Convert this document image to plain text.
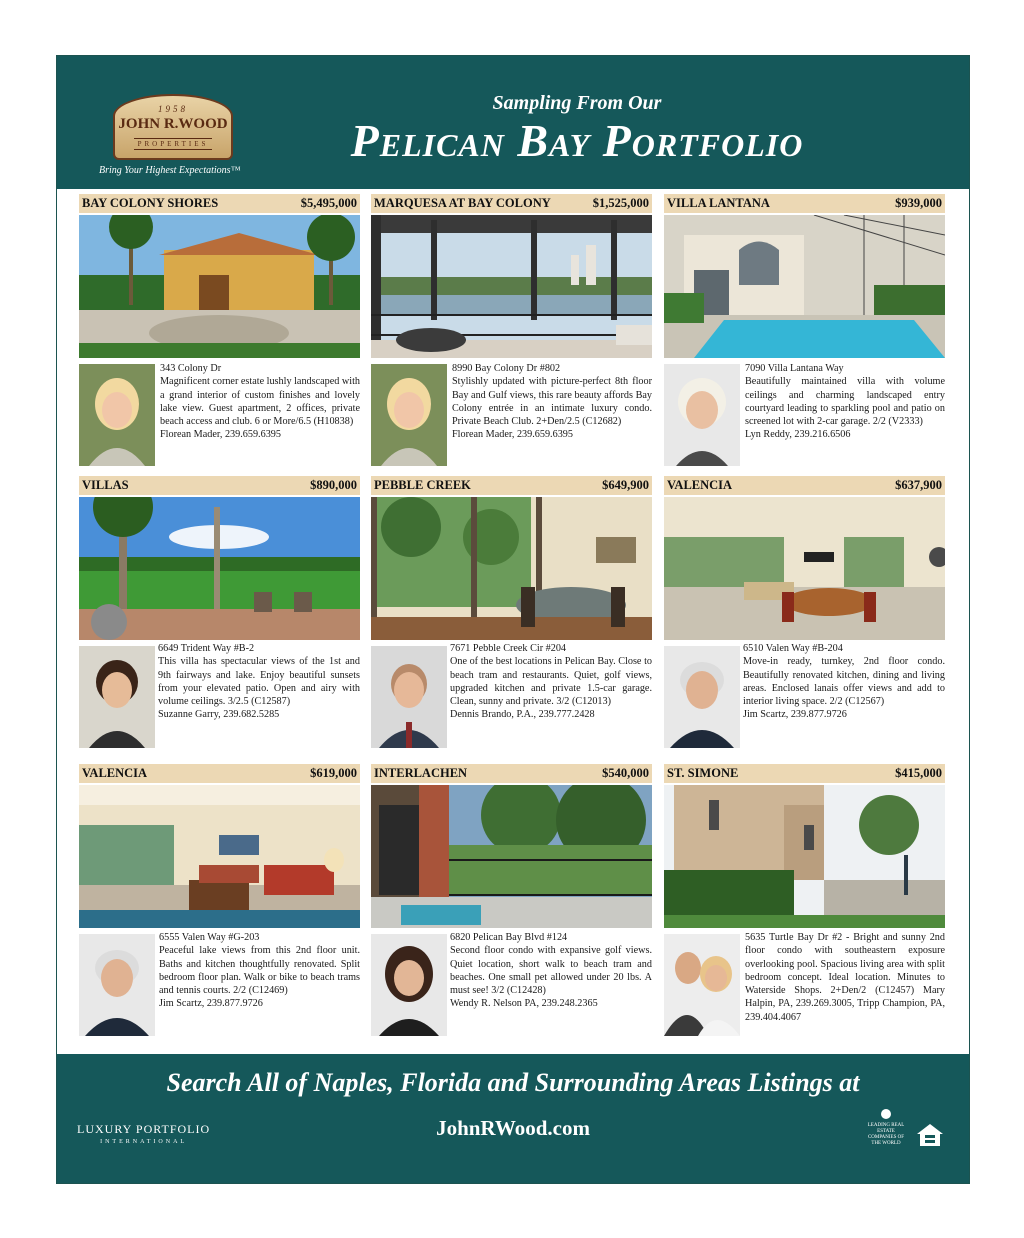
1958
JOHN R.WOOD
PROPERTIES
Bring Your Highest Expectations™
Sampling From Our
Pelican Bay Portfolio
BAY COLONY SHORES	$5,495,000
343 Colony Dr
Magnificent corner estate lushly landscaped with a grand interior of custom finishes and lovely lake view. Guest apartment, 2 offices, private beach access and club. 6 or More/6.5 (H10838)
Florean Mader, 239.659.6395
MARQUESA AT BAY COLONY	$1,525,000
8990 Bay Colony Dr #802
Stylishly updated with picture-perfect 8th floor Bay and Gulf views, this rare beauty affords Bay Colony entrée in an intimate luxury condo. Private Beach Club. 2+Den/2.5 (C12682)
Florean Mader, 239.659.6395
VILLA LANTANA	$939,000
7090 Villa Lantana Way
Beautifully maintained villa with volume ceilings and charming landscaped entry courtyard leading to sparkling pool and patio on screened lot with 2-car garage. 2/2 (V2333)
Lyn Reddy, 239.216.6506
VILLAS	$890,000
6649 Trident Way #B-2
This villa has spectacular views of the 1st and 9th fairways and lake. Enjoy beautiful sunsets from your elevated patio. Open and airy with volume ceilings. 3/2.5 (C12587)
Suzanne Garry, 239.682.5285
PEBBLE CREEK	$649,900
7671 Pebble Creek Cir #204
One of the best locations in Pelican Bay. Close to beach tram and restaurants. Quiet, golf views, upgraded kitchen and private 1.5-car garage. Clean, sunny and private. 3/2 (C12013)
Dennis Brando, P.A., 239.777.2428
VALENCIA	$637,900
6510 Valen Way #B-204
Move-in ready, turnkey, 2nd floor condo. Beautifully renovated kitchen, dining and living areas. Enclosed lanais offer views and add to interior living space. 2/2 (C12567)
Jim Scartz, 239.877.9726
VALENCIA	$619,000
6555 Valen Way #G-203
Peaceful lake views from this 2nd floor unit. Baths and kitchen thoughtfully renovated. Split bedroom floor plan. Walk or bike to beach trams and tennis courts. 2/2 (C12469)
Jim Scartz, 239.877.9726
INTERLACHEN	$540,000
6820 Pelican Bay Blvd #124
Second floor condo with expansive golf views. Quiet location, short walk to beach tram and beaches. One small pet allowed under 20 lbs. A must see! 3/2 (C12428)
Wendy R. Nelson PA, 239.248.2365
ST. SIMONE	$415,000
5635 Turtle Bay Dr #2 - Bright and sunny 2nd floor condo with southeastern exposure overlooking pool. Spacious living area with split bedroom concept. Ideal location. Minutes to Waterside Shops. 2+Den/2 (C12457) Mary Halpin, PA, 239.269.3005, Tripp Champion, PA, 239.404.4067
Search All of Naples, Florida and Surrounding Areas Listings at
JohnRWood.com
LUXURY PORTFOLIO
INTERNATIONAL
LEADING REAL ESTATE COMPANIES OF THE WORLD
